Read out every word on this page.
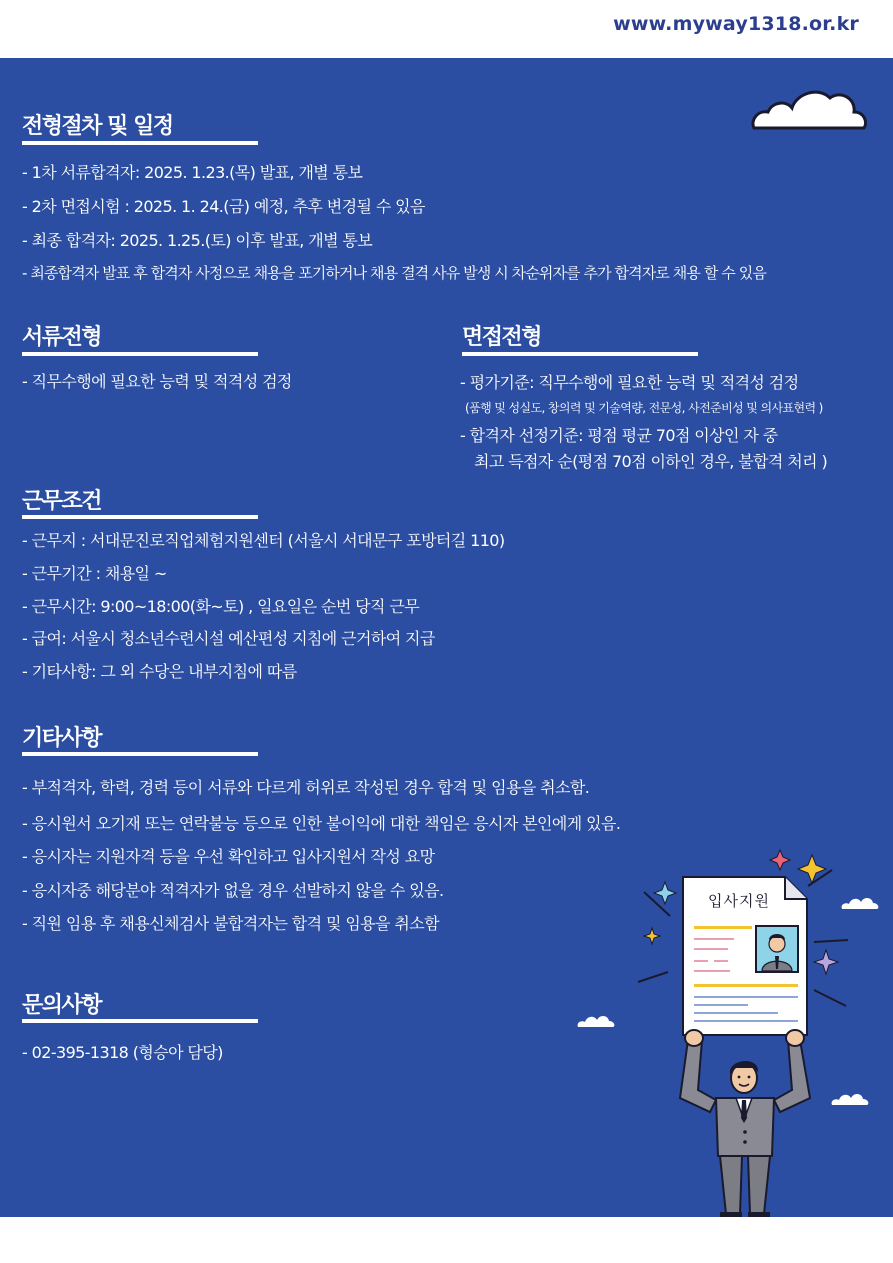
www.myway1318.or.kr
전형절차 및 일정
- 1차 서류합격자: 2025. 1.23.(목) 발표, 개별 통보
- 2차 면접시험 : 2025. 1. 24.(금) 예정, 추후 변경될 수 있음
- 최종 합격자: 2025. 1.25.(토) 이후 발표, 개별 통보
- 최종합격자 발표 후 합격자 사정으로 채용을 포기하거나 채용 결격 사유 발생 시 차순위자를 추가 합격자로 채용 할 수 있음
서류전형
- 직무수행에 필요한 능력 및 적격성 검정
면접전형
- 평가기준: 직무수행에 필요한 능력 및 적격성 검정
(품행 및 성실도, 창의력 및 기술역량, 전문성, 사전준비성 및 의사표현력 )
- 합격자 선정기준: 평점 평균 70점 이상인 자 중
최고 득점자 순(평점 70점 이하인 경우, 불합격 처리 )
근무조건
- 근무지 : 서대문진로직업체험지원센터 (서울시 서대문구 포방터길 110)
- 근무기간 : 채용일 ~
- 근무시간: 9:00~18:00(화~토) , 일요일은 순번 당직 근무
- 급여: 서울시 청소년수련시설 예산편성 지침에 근거하여 지급
- 기타사항: 그 외 수당은 내부지침에 따름
기타사항
- 부적격자, 학력, 경력 등이 서류와 다르게 허위로 작성된 경우 합격 및 임용을 취소함.
- 응시원서 오기재 또는 연락불능 등으로 인한 불이익에 대한 책임은 응시자 본인에게 있음.
- 응시자는 지원자격 등을 우선 확인하고 입사지원서 작성 요망
- 응시자중 해당분야 적격자가 없을 경우 선발하지 않을 수 있음.
- 직원 임용 후 채용신체검사 불합격자는 합격 및 임용을 취소함
문의사항
- 02-395-1318 (형승아 담당)
입사지원
